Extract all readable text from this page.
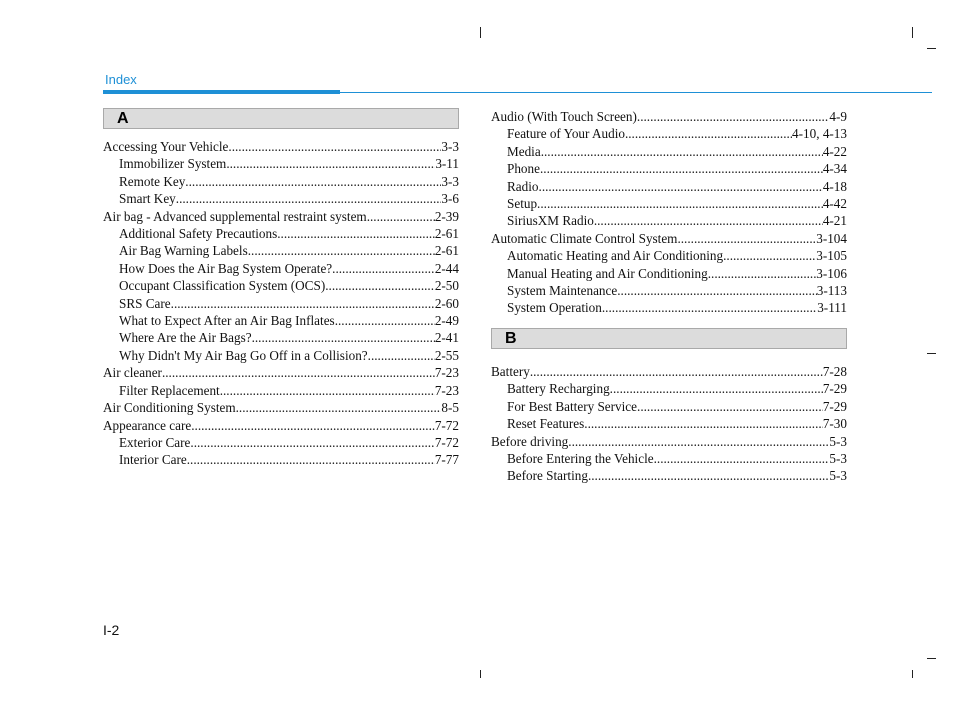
Index
A
Accessing Your Vehicle .....	3-3
Immobilizer System .....	3-11
Remote Key .....	3-3
Smart Key .....	3-6
Air bag - Advanced supplemental restraint system .....	2-39
Additional Safety Precautions .....	2-61
Air Bag Warning Labels .....	2-61
How Does the Air Bag System Operate? .....	2-44
Occupant Classification System (OCS) .....	2-50
SRS Care .....	2-60
What to Expect After an Air Bag Inflates .....	2-49
Where Are the Air Bags? .....	2-41
Why Didn't My Air Bag Go Off in a Collision? .....	2-55
Air cleaner .....	7-23
Filter Replacement .....	7-23
Air Conditioning System .....	8-5
Appearance care .....	7-72
Exterior Care .....	7-72
Interior Care .....	7-77
Audio (With Touch Screen) .....	4-9
Feature of Your Audio .....	4-10, 4-13
Media .....	4-22
Phone .....	4-34
Radio .....	4-18
Setup .....	4-42
SiriusXM Radio .....	4-21
Automatic Climate Control System .....	3-104
Automatic Heating and Air Conditioning .....	3-105
Manual Heating and Air Conditioning .....	3-106
System Maintenance .....	3-113
System Operation .....	3-111
B
Battery .....	7-28
Battery Recharging .....	7-29
For Best Battery Service .....	7-29
Reset Features .....	7-30
Before driving .....	5-3
Before Entering the Vehicle .....	5-3
Before Starting .....	5-3
I-2
